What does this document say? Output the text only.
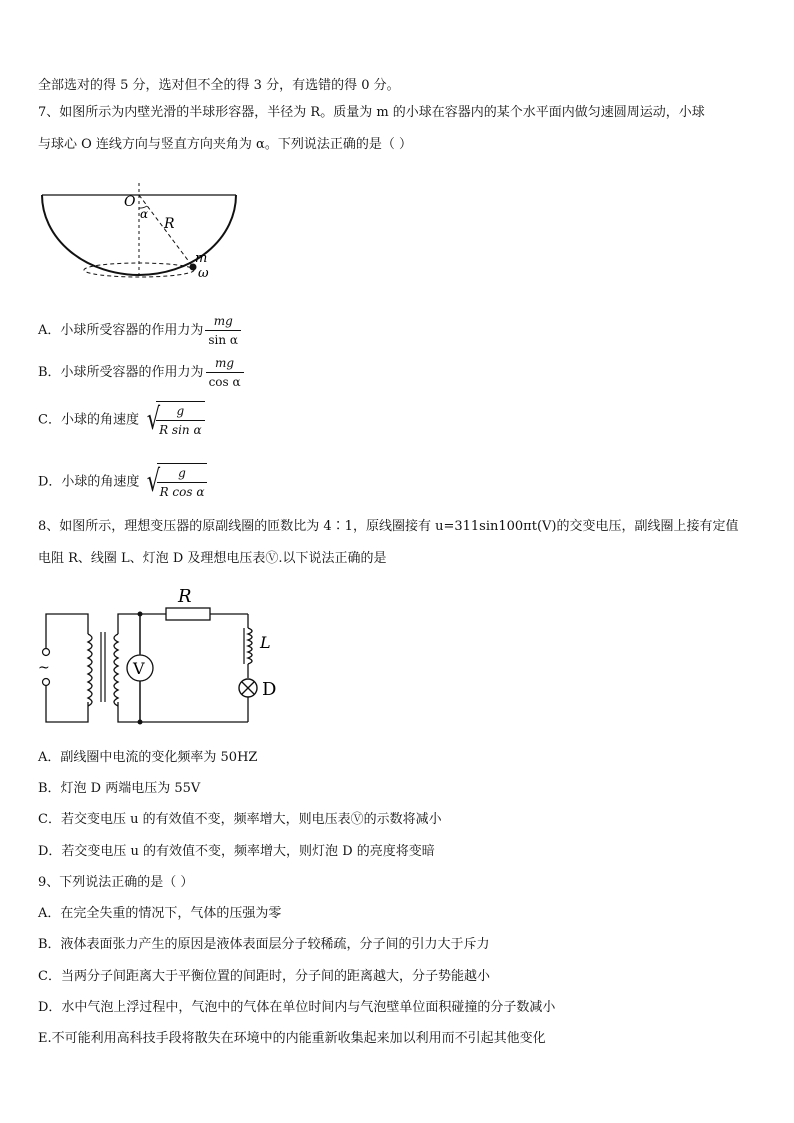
全部选对的得 5 分，选对但不全的得 3 分，有选错的得 0 分。
7、如图所示为内壁光滑的半球形容器，半径为 R。质量为 m 的小球在容器内的某个水平面内做匀速圆周运动，小球
与球心 O 连线方向与竖直方向夹角为 α。下列说法正确的是（ ）
O
α
R
m
ω
A．小球所受容器的作用力为 $\frac{mg}{\text{sin α}}$
B．小球所受容器的作用力为 $\frac{mg}{\text{cos α}}$
C．小球的角速度 √
$\frac{g}{\text{R sin α}}$
D．小球的角速度 √
$\frac{g}{\text{R cos α}}$
8、如图所示，理想变压器的原副线圈的匝数比为 4∶1，原线圈接有 u=311sin100πt(V)的交变电压，副线圈上接有定值
电阻 R、线圈 L、灯泡 D 及理想电压表Ⓥ.以下说法正确的是
~
R
V
L
D
A．副线圈中电流的变化频率为 50HZ
B．灯泡 D 两端电压为 55V
C．若交变电压 u 的有效值不变，频率增大，则电压表Ⓥ的示数将减小
D．若交变电压 u 的有效值不变，频率增大，则灯泡 D 的亮度将变暗
9、下列说法正确的是（ ）
A．在完全失重的情况下，气体的压强为零
B．液体表面张力产生的原因是液体表面层分子较稀疏，分子间的引力大于斥力
C．当两分子间距离大于平衡位置的间距时，分子间的距离越大，分子势能越小
D．水中气泡上浮过程中，气泡中的气体在单位时间内与气泡壁单位面积碰撞的分子数减小
E.不可能利用高科技手段将散失在环境中的内能重新收集起来加以利用而不引起其他变化
